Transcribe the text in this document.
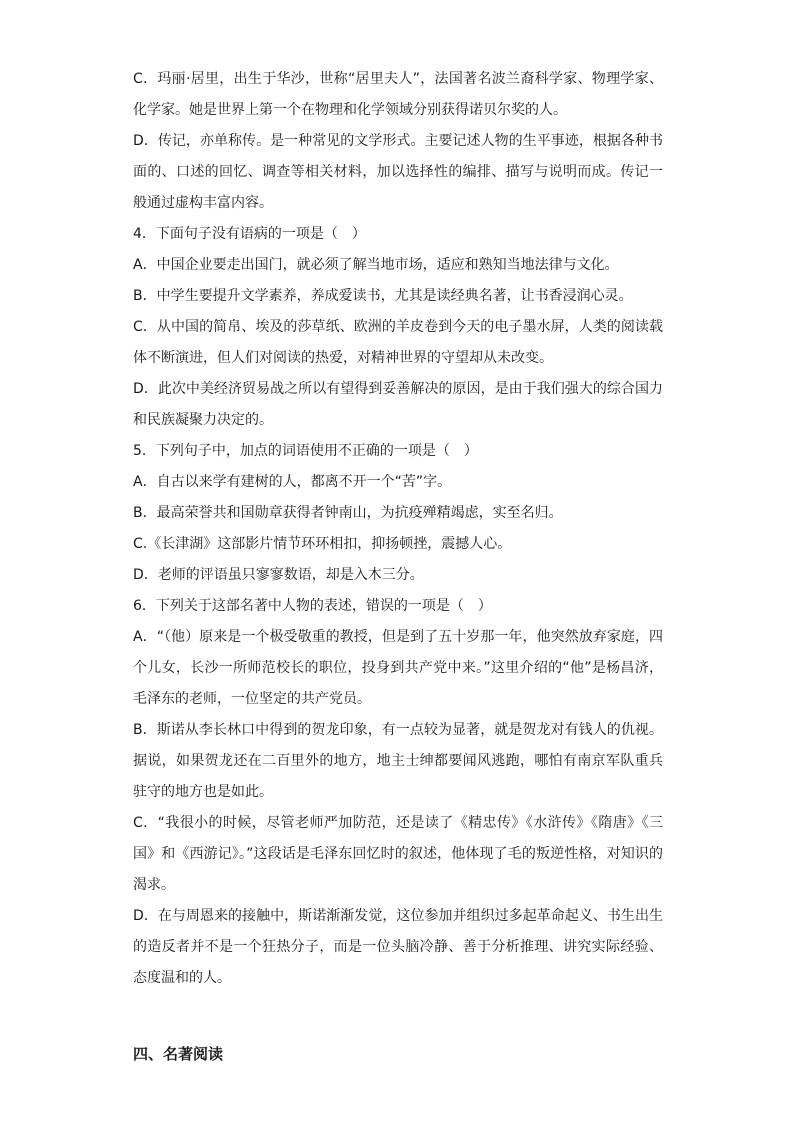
C．玛丽·居里，出生于华沙，世称“居里夫人”，法国著名波兰裔科学家、物理学家、化学家。她是世界上第一个在物理和化学领域分别获得诺贝尔奖的人。

D．传记，亦单称传。是一种常见的文学形式。主要记述人物的生平事迹，根据各种书面的、口述的回忆、调查等相关材料，加以选择性的编排、描写与说明而成。传记一般通过虚构丰富内容。

4．下面句子没有语病的一项是（　）

A．中国企业要走出国门，就必须了解当地市场，适应和熟知当地法律与文化。

B．中学生要提升文学素养，养成爱读书，尤其是读经典名著，让书香浸润心灵。

C．从中国的简帛、埃及的莎草纸、欧洲的羊皮卷到今天的电子墨水屏，人类的阅读载体不断演进，但人们对阅读的热爱，对精神世界的守望却从未改变。

D．此次中美经济贸易战之所以有望得到妥善解决的原因，是由于我们强大的综合国力和民族凝聚力决定的。

5．下列句子中，加点的词语使用不正确的一项是（　）

A．自古以来学有建树的人，都离不开一个“苦”字。

B．最高荣誉共和国勋章获得者钟南山，为抗疫殚精竭虑，实至名归。

C.《长津湖》这部影片情节环环相扣，抑扬顿挫，震撼人心。

D．老师的评语虽只寥寥数语，却是入木三分。

6．下列关于这部名著中人物的表述，错误的一项是（　）

A．“（他）原来是一个极受敬重的教授，但是到了五十岁那一年，他突然放弃家庭，四个儿女，长沙一所师范校长的职位，投身到共产党中来。”这里介绍的“他”是杨昌济，毛泽东的老师，一位坚定的共产党员。

B．斯诺从李长林口中得到的贺龙印象，有一点较为显著，就是贺龙对有钱人的仇视。据说，如果贺龙还在二百里外的地方，地主士绅都要闻风逃跑，哪怕有南京军队重兵驻守的地方也是如此。

C．“我很小的时候，尽管老师严加防范，还是读了《精忠传》《水浒传》《隋唐》《三国》和《西游记》。”这段话是毛泽东回忆时的叙述，他体现了毛的叛逆性格，对知识的渴求。

D．在与周恩来的接触中，斯诺渐渐发觉，这位参加并组织过多起革命起义、书生出生的造反者并不是一个狂热分子，而是一位头脑冷静、善于分析推理、讲究实际经验、态度温和的人。

四、名著阅读
